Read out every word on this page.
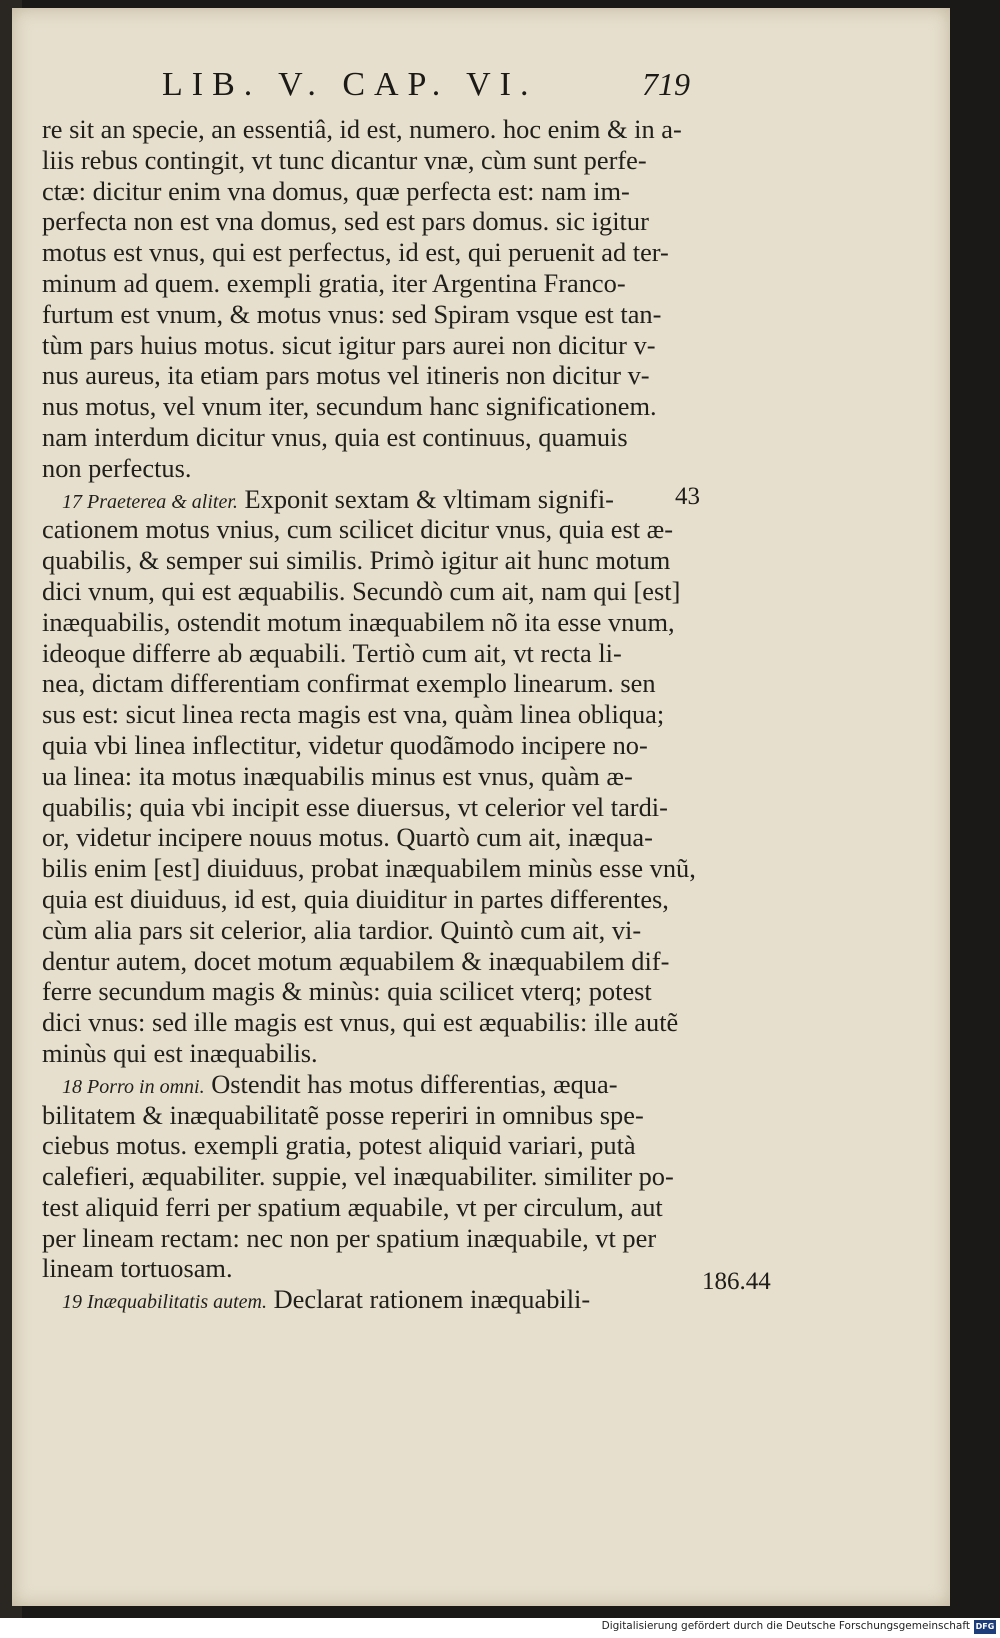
LIB. V. CAP. VI.	719
re sit an specie, an essentiâ, id est, numero. hoc enim & in a-
liis rebus contingit, vt tunc dicantur vnæ, cùm sunt perfe-
ctæ: dicitur enim vna domus, quæ perfecta est: nam im-
perfecta non est vna domus, sed est pars domus. sic igitur
motus est vnus, qui est perfectus, id est, qui peruenit ad ter-
minum ad quem. exempli gratia, iter Argentina Franco-
furtum est vnum, & motus vnus: sed Spiram vsque est tan-
tùm pars huius motus. sicut igitur pars aurei non dicitur v-
nus aureus, ita etiam pars motus vel itineris non dicitur v-
nus motus, vel vnum iter, secundum hanc significationem.
nam interdum dicitur vnus, quia est continuus, quamuis
non perfectus.
17 Praeterea & aliter. Exponit sextam & vltimam signifi-
cationem motus vnius, cum scilicet dicitur vnus, quia est æ-
quabilis, & semper sui similis. Primò igitur ait hunc motum
dici vnum, qui est æquabilis. Secundò cum ait, nam qui [est]
inæquabilis, ostendit motum inæquabilem nõ ita esse vnum,
ideoque differre ab æquabili. Tertiò cum ait, vt recta li-
nea, dictam differentiam confirmat exemplo linearum. sen
sus est: sicut linea recta magis est vna, quàm linea obliqua;
quia vbi linea inflectitur, videtur quodãmodo incipere no-
ua linea: ita motus inæquabilis minus est vnus, quàm æ-
quabilis; quia vbi incipit esse diuersus, vt celerior vel tardi-
or, videtur incipere nouus motus. Quartò cum ait, inæqua-
bilis enim [est] diuiduus, probat inæquabilem minùs esse vnũ,
quia est diuiduus, id est, quia diuiditur in partes differentes,
cùm alia pars sit celerior, alia tardior. Quintò cum ait, vi-
dentur autem, docet motum æquabilem & inæquabilem dif-
ferre secundum magis & minùs: quia scilicet vterq; potest
dici vnus: sed ille magis est vnus, qui est æquabilis: ille autẽ
minùs qui est inæquabilis.
18 Porro in omni. Ostendit has motus differentias, æqua-
bilitatem & inæquabilitatẽ posse reperiri in omnibus spe-
ciebus motus. exempli gratia, potest aliquid variari, putà
calefieri, æquabiliter. suppie, vel inæquabiliter. similiter po-
test aliquid ferri per spatium æquabile, vt per circulum, aut
per lineam rectam: nec non per spatium inæquabile, vt per
lineam tortuosam.
19 Inæquabilitatis autem. Declarat rationem inæquabili-
43
186.44
Digitalisierung gefördert durch die Deutsche Forschungsgemeinschaft DFG
